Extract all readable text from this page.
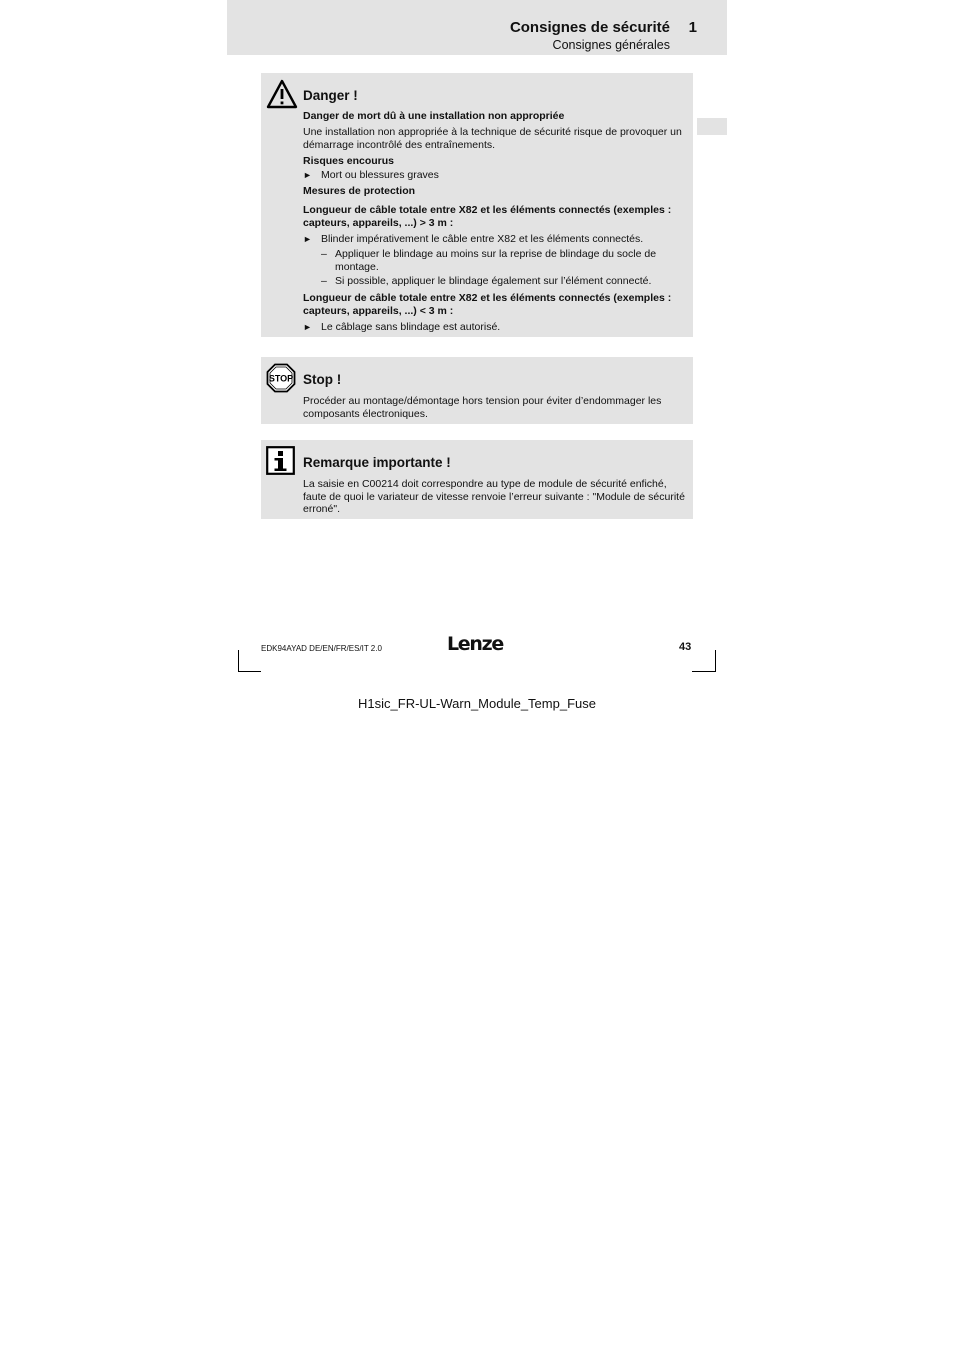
Consignes de sécurité 1
Consignes générales
Danger !

Danger de mort dû à une installation non appropriée

Une installation non appropriée à la technique de sécurité risque de provoquer un démarrage incontrôlé des entraînements.

Risques encourus

► Mort ou blessures graves

Mesures de protection

Longueur de câble totale entre X82 et les éléments connectés (exemples : capteurs, appareils, ...) > 3 m :

► Blinder impérativement le câble entre X82 et les éléments connectés.
– Appliquer le blindage au moins sur la reprise de blindage du socle de montage.
– Si possible, appliquer le blindage également sur l’élément connecté.

Longueur de câble totale entre X82 et les éléments connectés (exemples : capteurs, appareils, ...) < 3 m :

► Le câblage sans blindage est autorisé.
STOP Stop !
Procéder au montage/démontage hors tension pour éviter d’endommager les composants électroniques.
Remarque importante !
La saisie en C00214 doit correspondre au type de module de sécurité enfiché, faute de quoi le variateur de vitesse renvoie l’erreur suivante : "Module de sécurité erroné".
EDK94AYAD DE/EN/FR/ES/IT 2.0	Lenze	43
H1sic_FR-UL-Warn_Module_Temp_Fuse
